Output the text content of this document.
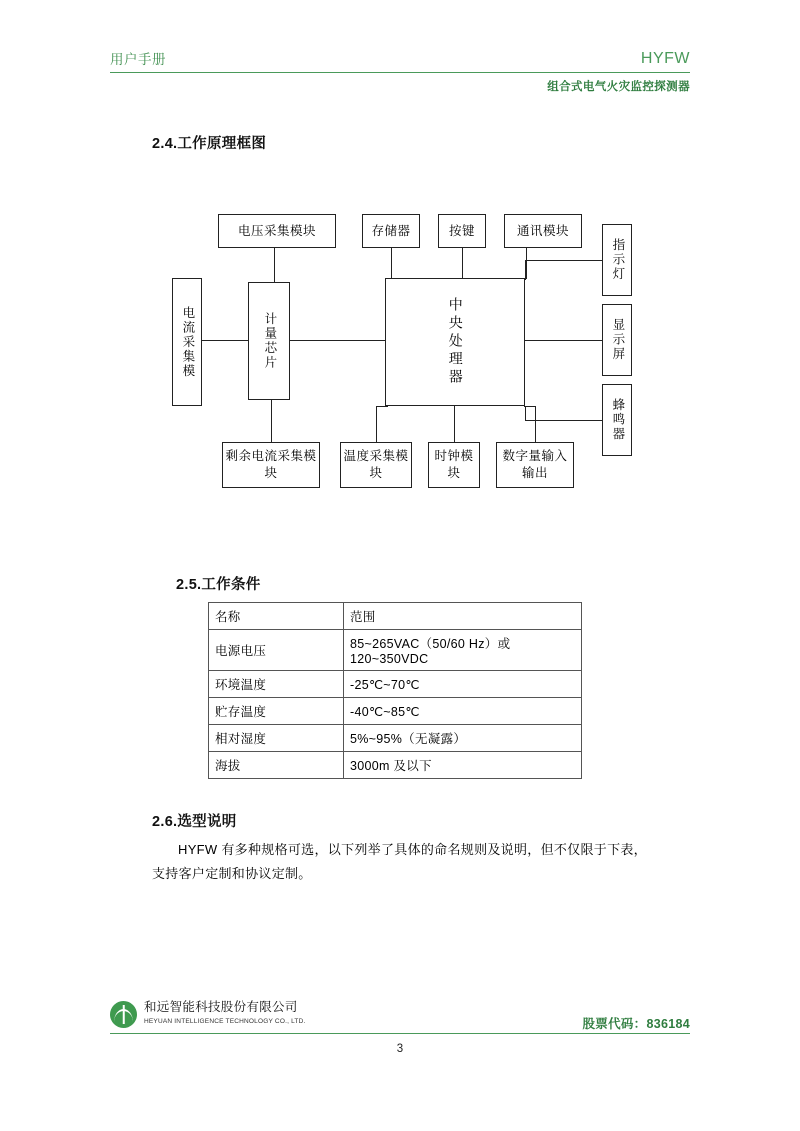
用户手册	HYFW
组合式电气火灾监控探测器
2.4.工作原理框图
电压采集模块	存储器	按键	通讯模块
指示灯
显示屏
蜂鸣器
电流采集模	计量芯片	中央处理器
剩余电流采集模块
温度采集模块
时钟模块
数字量输入输出
2.5.工作条件
名称	范围
电源电压	85~265VAC（50/60 Hz）或 120~350VDC
环境温度	-25℃~70℃
贮存温度	-40℃~85℃
相对湿度	5%~95%（无凝露）
海拔	3000m 及以下
2.6.选型说明
HYFW 有多种规格可选，以下列举了具体的命名规则及说明，但不仅限于下表，支持客户定制和协议定制。
和远智能科技股份有限公司
HEYUAN INTELLIGENCE TECHNOLOGY CO., LTD.	股票代码：836184
3
